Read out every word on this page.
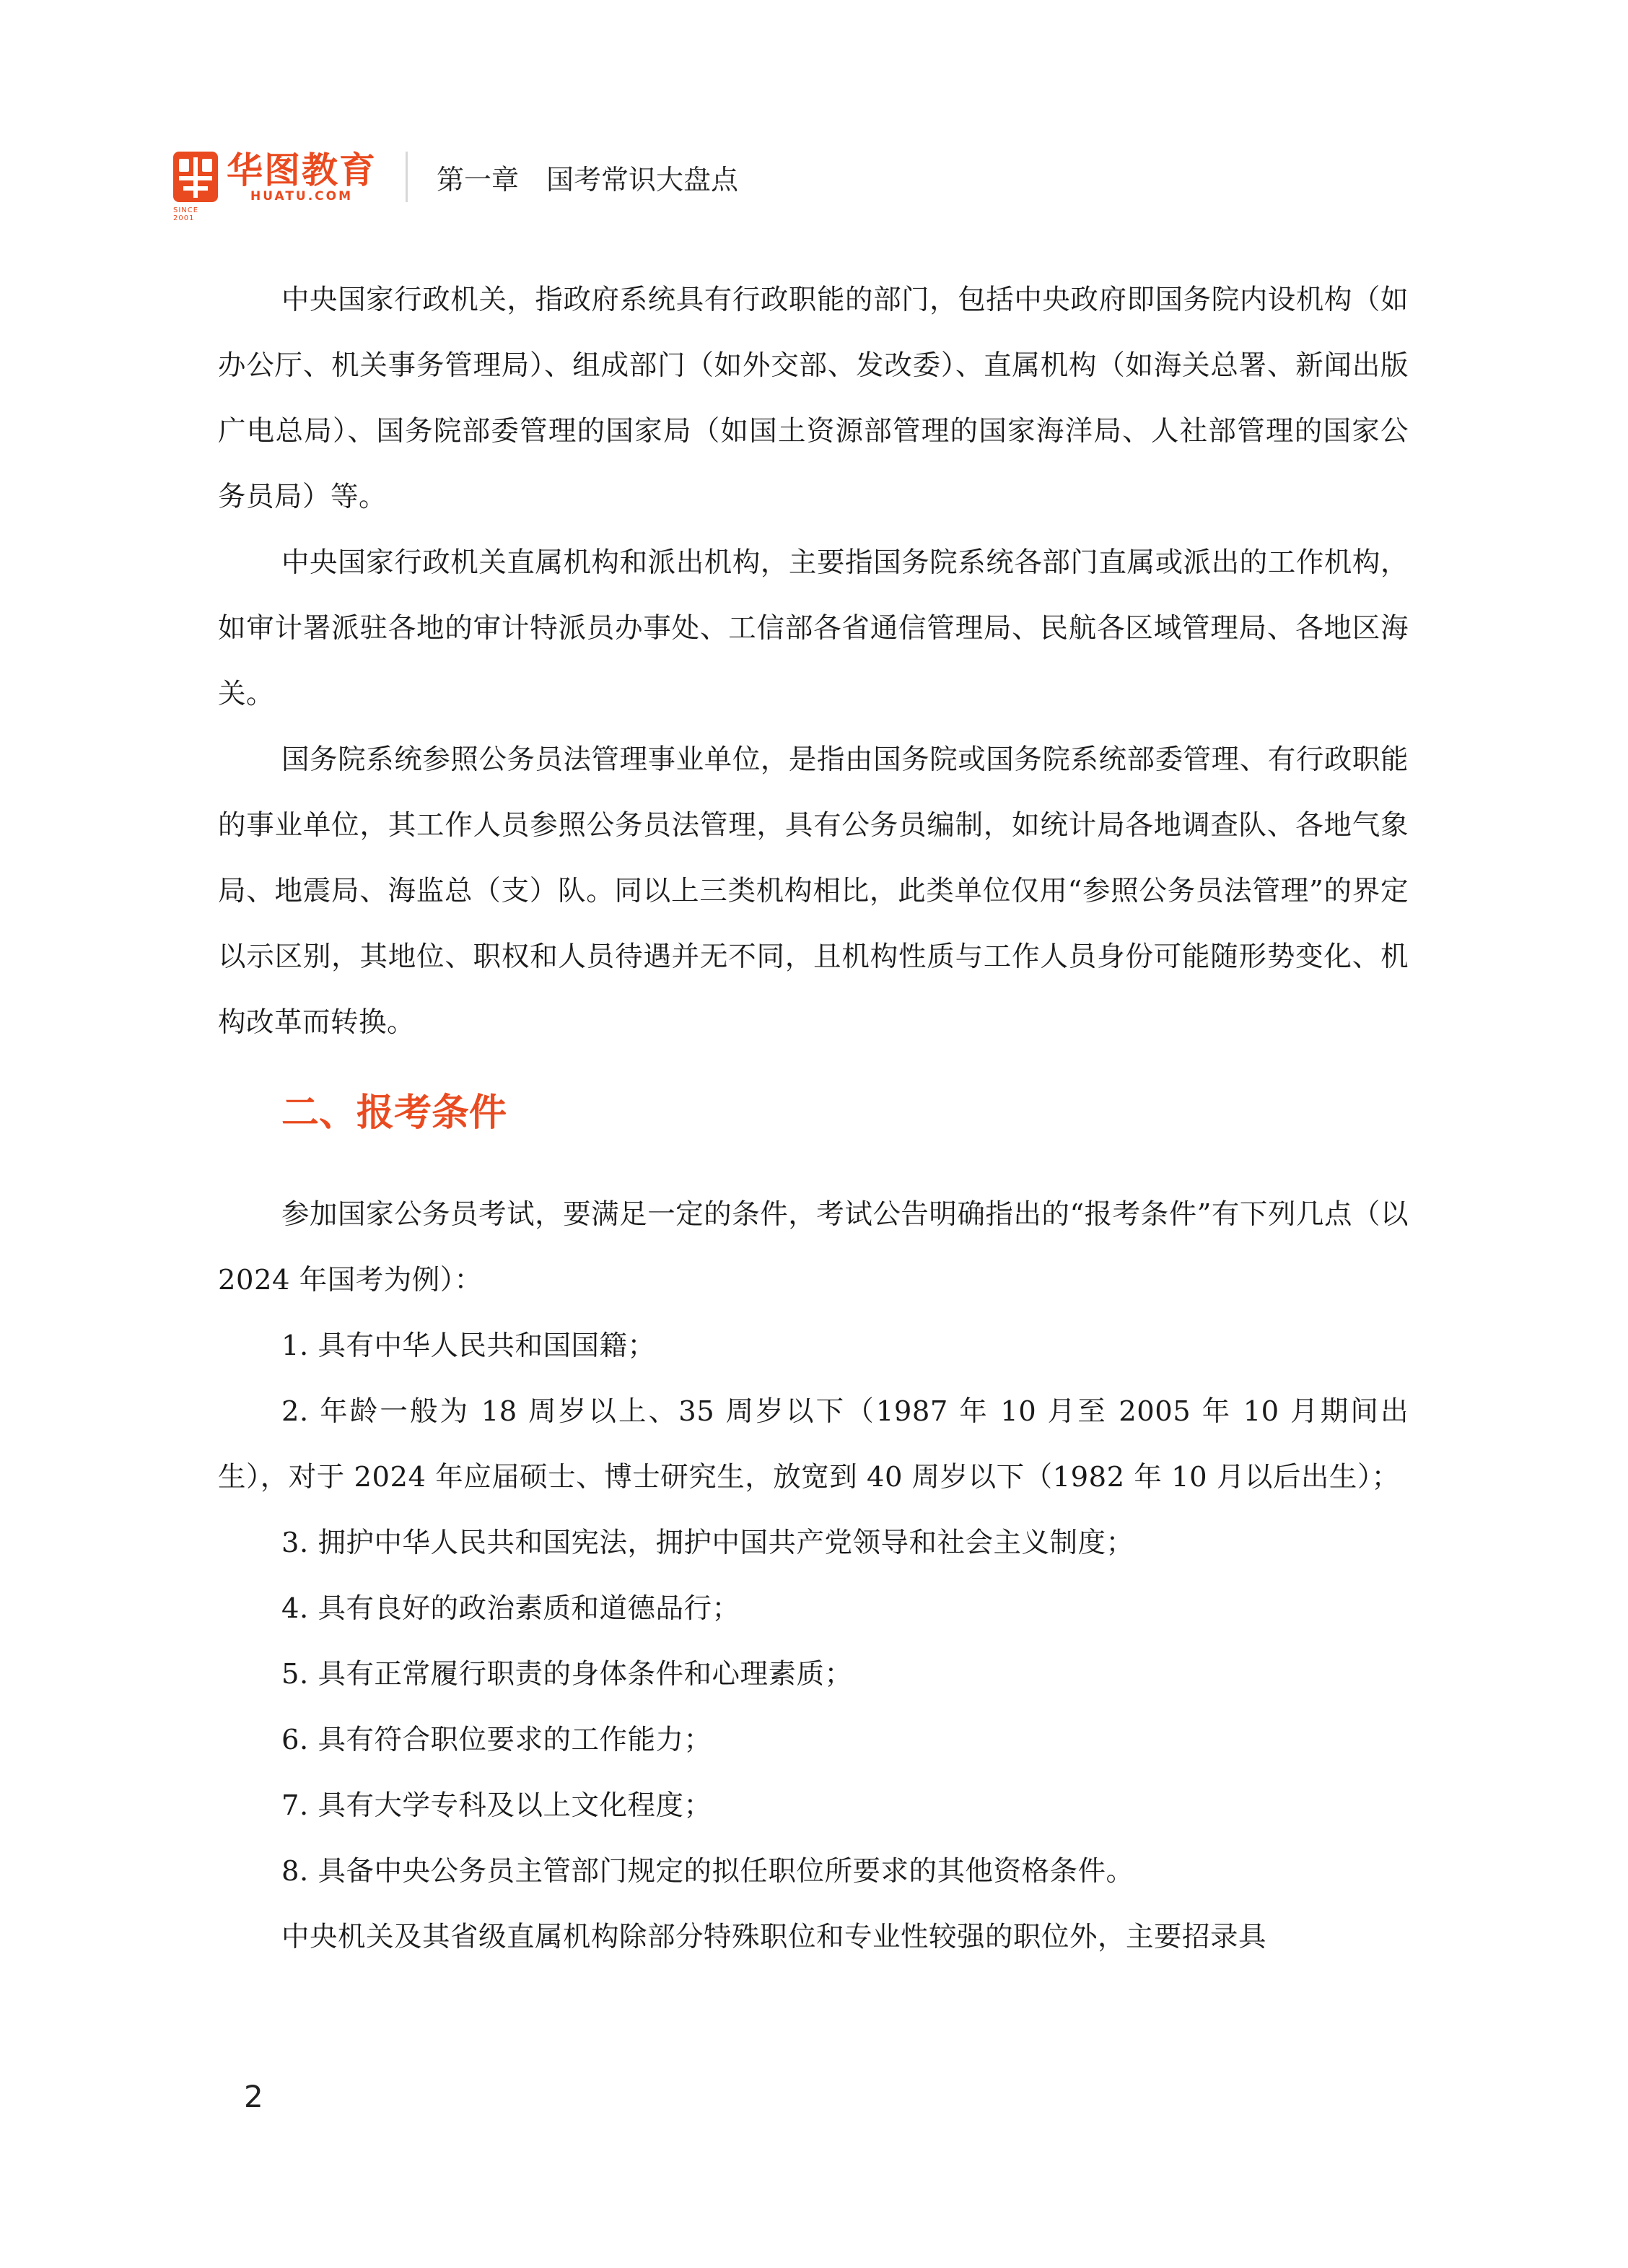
SINCE 2001
华图教育
HUATU.COM
第一章　国考常识大盘点

中央国家行政机关，指政府系统具有行政职能的部门，包括中央政府即国务院内设机构（如办公厅、机关事务管理局）、组成部门（如外交部、发改委）、直属机构（如海关总署、新闻出版广电总局）、国务院部委管理的国家局（如国土资源部管理的国家海洋局、人社部管理的国家公务员局）等。

中央国家行政机关直属机构和派出机构，主要指国务院系统各部门直属或派出的工作机构，如审计署派驻各地的审计特派员办事处、工信部各省通信管理局、民航各区域管理局、各地区海关。

国务院系统参照公务员法管理事业单位，是指由国务院或国务院系统部委管理、有行政职能的事业单位，其工作人员参照公务员法管理，具有公务员编制，如统计局各地调查队、各地气象局、地震局、海监总（支）队。同以上三类机构相比，此类单位仅用“参照公务员法管理”的界定以示区别，其地位、职权和人员待遇并无不同，且机构性质与工作人员身份可能随形势变化、机构改革而转换。

二、报考条件

参加国家公务员考试，要满足一定的条件，考试公告明确指出的“报考条件”有下列几点（以 2024 年国考为例）：

1. 具有中华人民共和国国籍；

2. 年龄一般为 18 周岁以上、35 周岁以下（1987 年 10 月至 2005 年 10 月期间出生），对于 2024 年应届硕士、博士研究生，放宽到 40 周岁以下（1982 年 10 月以后出生）；

3. 拥护中华人民共和国宪法，拥护中国共产党领导和社会主义制度；

4. 具有良好的政治素质和道德品行；

5. 具有正常履行职责的身体条件和心理素质；

6. 具有符合职位要求的工作能力；

7. 具有大学专科及以上文化程度；

8. 具备中央公务员主管部门规定的拟任职位所要求的其他资格条件。

中央机关及其省级直属机构除部分特殊职位和专业性较强的职位外，主要招录具

2
